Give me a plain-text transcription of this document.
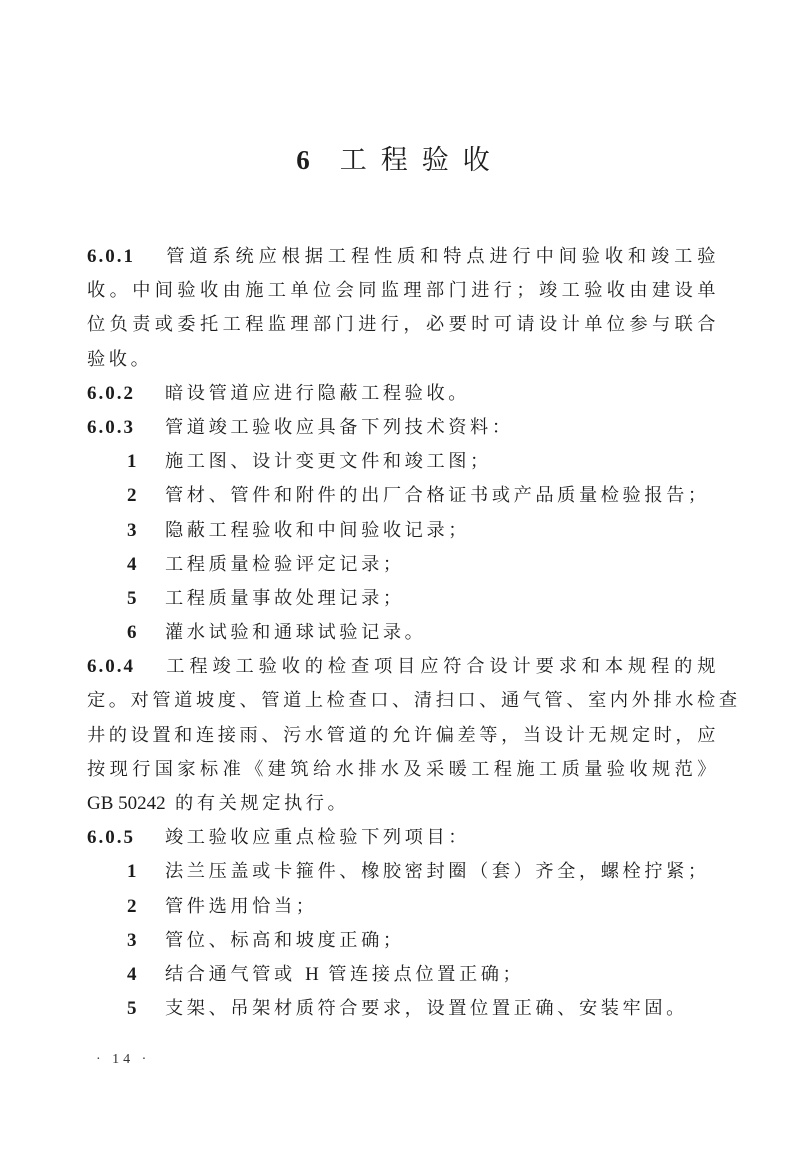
6 工程验收
6.0.1 管道系统应根据工程性质和特点进行中间验收和竣工验
收。中间验收由施工单位会同监理部门进行；竣工验收由建设单
位负责或委托工程监理部门进行，必要时可请设计单位参与联合
验收。
6.0.2 暗设管道应进行隐蔽工程验收。
6.0.3 管道竣工验收应具备下列技术资料：
1 施工图、设计变更文件和竣工图；
2 管材、管件和附件的出厂合格证书或产品质量检验报告；
3 隐蔽工程验收和中间验收记录；
4 工程质量检验评定记录；
5 工程质量事故处理记录；
6 灌水试验和通球试验记录。
6.0.4 工程竣工验收的检查项目应符合设计要求和本规程的规
定。对管道坡度、管道上检查口、清扫口、通气管、室内外排水检查
井的设置和连接雨、污水管道的允许偏差等，当设计无规定时，应
按现行国家标准《建筑给水排水及采暖工程施工质量验收规范》
GB 50242 的有关规定执行。
6.0.5 竣工验收应重点检验下列项目：
1 法兰压盖或卡箍件、橡胶密封圈（套）齐全，螺栓拧紧；
2 管件选用恰当；
3 管位、标高和坡度正确；
4 结合通气管或 H 管连接点位置正确；
5 支架、吊架材质符合要求，设置位置正确、安装牢固。
· 14 ·
